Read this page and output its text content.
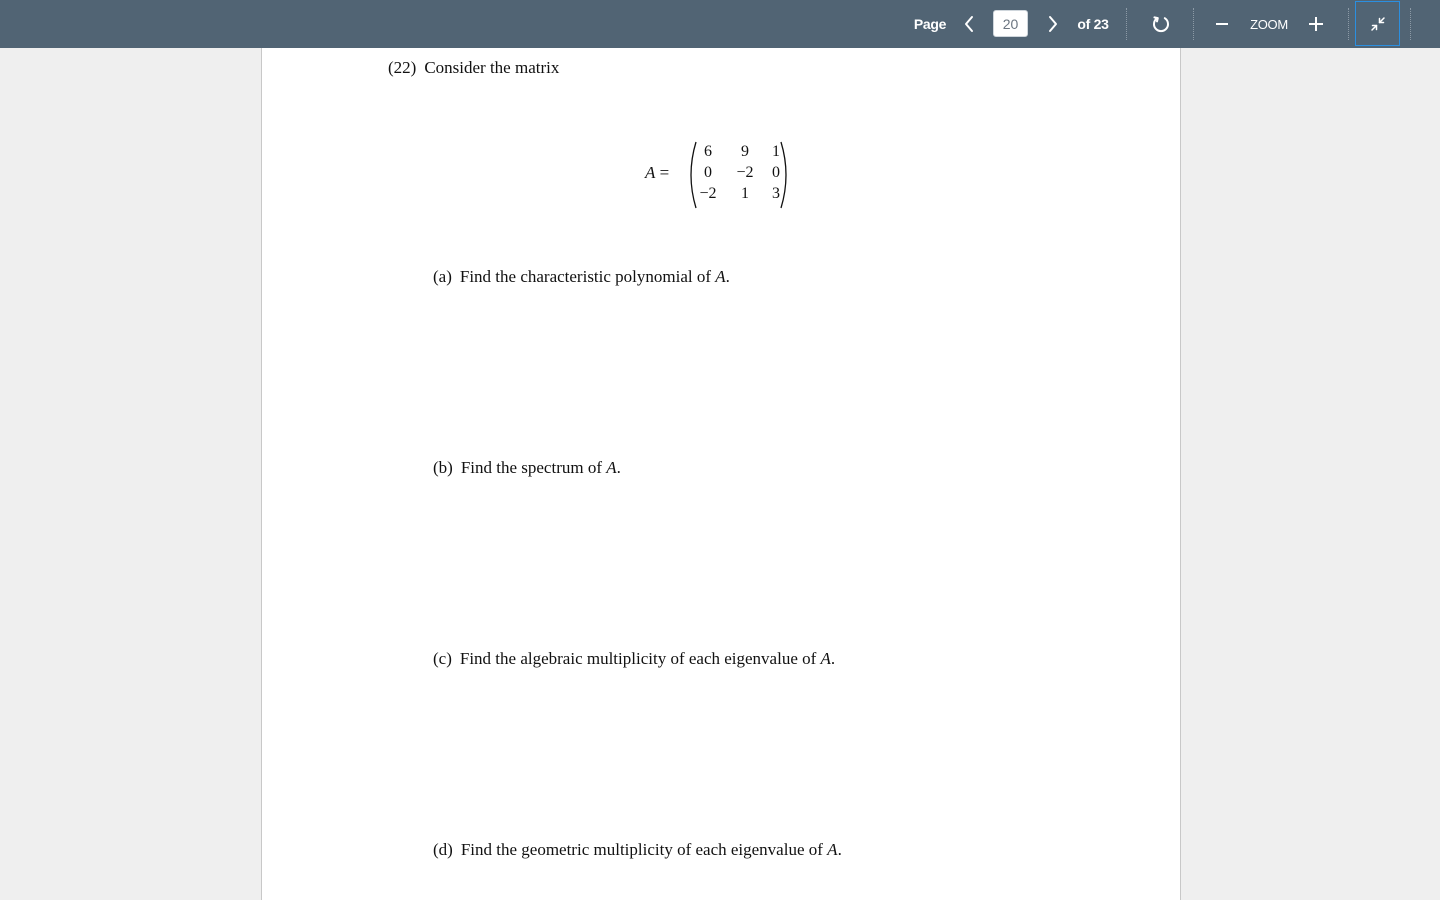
Page
20	of 23	ZOOM
(22) Consider the matrix
A =
6	9	1
0	−2	0
−2	1	3
(a) Find the characteristic polynomial of A.
(b) Find the spectrum of A.
(c) Find the algebraic multiplicity of each eigenvalue of A.
(d) Find the geometric multiplicity of each eigenvalue of A.
